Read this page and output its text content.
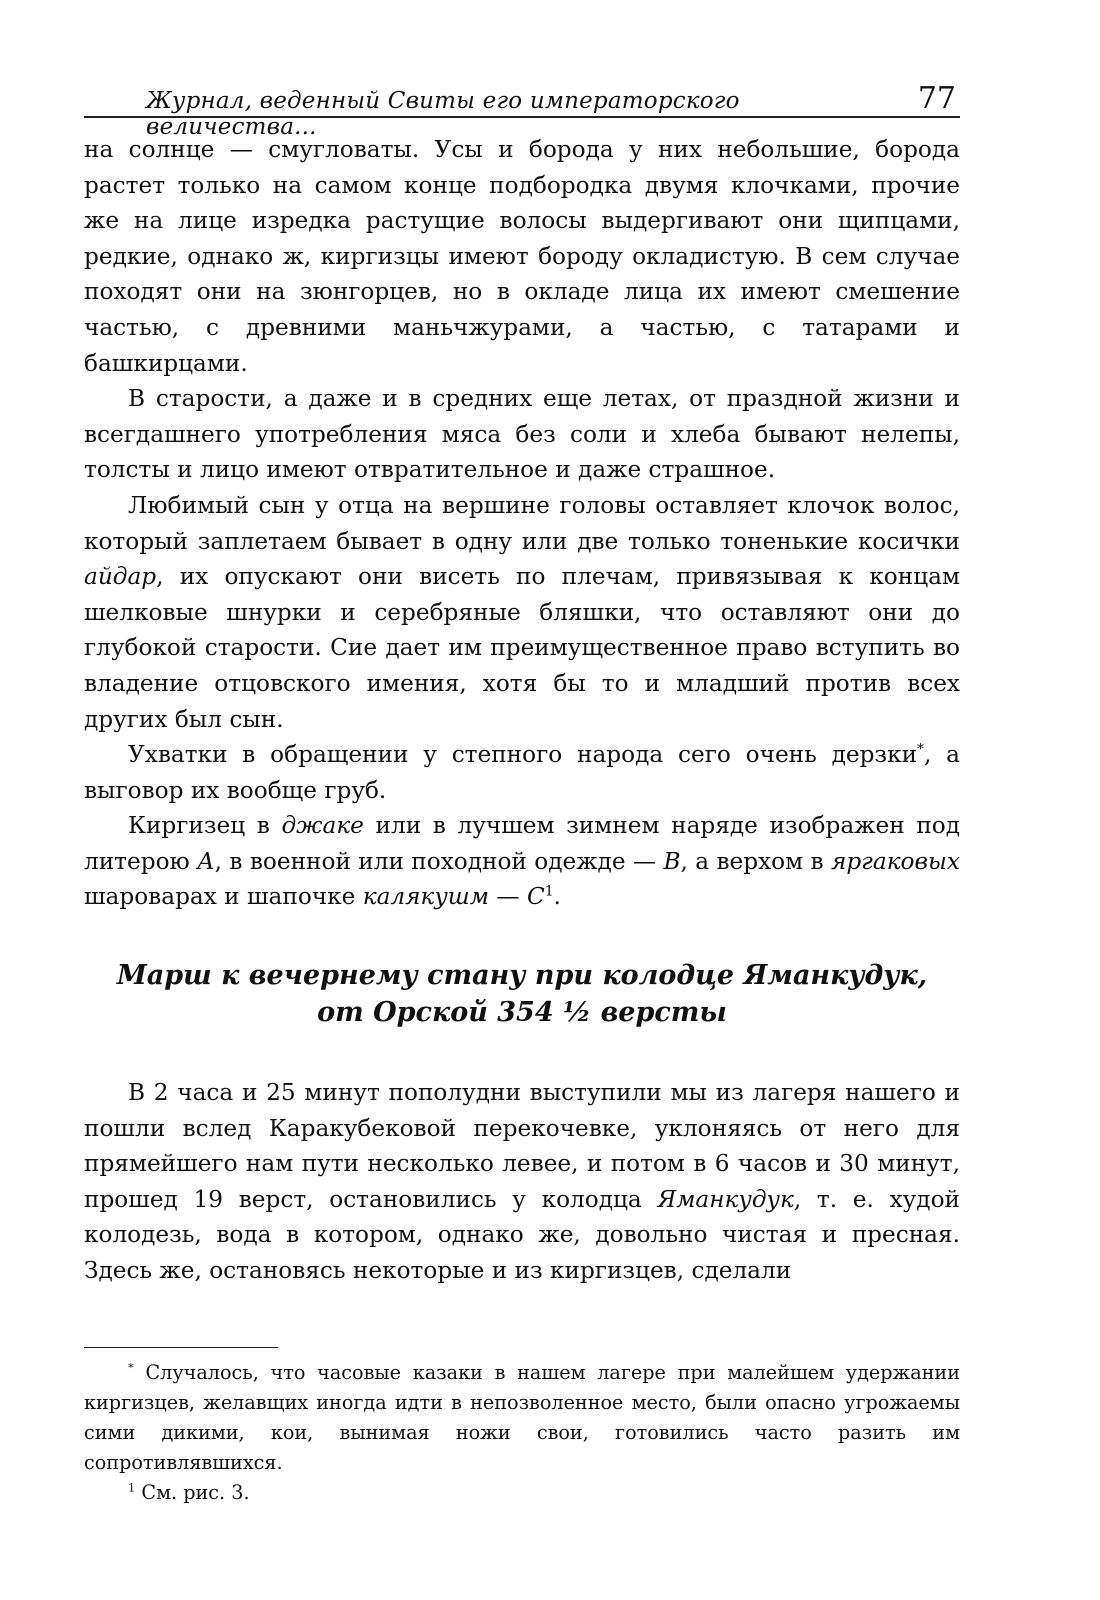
Журнал, веденный Свиты его императорского величества...
77

на солнце — смугловаты. Усы и борода у них небольшие, борода растет только на самом конце подбородка двумя клочками, прочие же на лице изредка растущие волосы выдергивают они щипцами, редкие, однако ж, киргизцы имеют бороду окладистую. В сем случае походят они на зюнгорцев, но в окладе лица их имеют смешение частью, с древними маньчжурами, а частью, с татарами и башкирцами.

В старости, а даже и в средних еще летах, от праздной жизни и всегдашнего употребления мяса без соли и хлеба бывают нелепы, толсты и лицо имеют отвратительное и даже страшное.

Любимый сын у отца на вершине головы оставляет клочок волос, который заплетаем бывает в одну или две только тоненькие косички айдар, их опускают они висеть по плечам, привязывая к концам шелковые шнурки и серебряные бляшки, что оставляют они до глубокой старости. Сие дает им преимущественное право вступить во владение отцовского имения, хотя бы то и младший против всех других был сын.

Ухватки в обращении у степного народа сего очень дерзки*, а выговор их вообще груб.

Киргизец в джаке или в лучшем зимнем наряде изображен под литерою А, в военной или походной одежде — В, а верхом в яргаковых шароварах и шапочке калякушм — $С^1$.

Марш к вечернему стану при колодце Яманкудук,
от Орской 354 ½ версты

В 2 часа и 25 минут пополудни выступили мы из лагеря нашего и пошли вслед Каракубековой перекочевке, уклоняясь от него для прямейшего нам пути несколько левее, и потом в 6 часов и 30 минут, прошед 19 верст, остановились у колодца Яманкудук, т. е. худой колодезь, вода в котором, однако же, довольно чистая и пресная. Здесь же, остановясь некоторые и из киргизцев, сделали

* Случалось, что часовые казаки в нашем лагере при малейшем удержании киргизцев, желавщих иногда идти в непозволенное место, были опасно угрожаемы сими дикими, кои, вынимая ножи свои, готовились часто разить им сопротивлявшихся.

$^1$ См. рис. 3.
